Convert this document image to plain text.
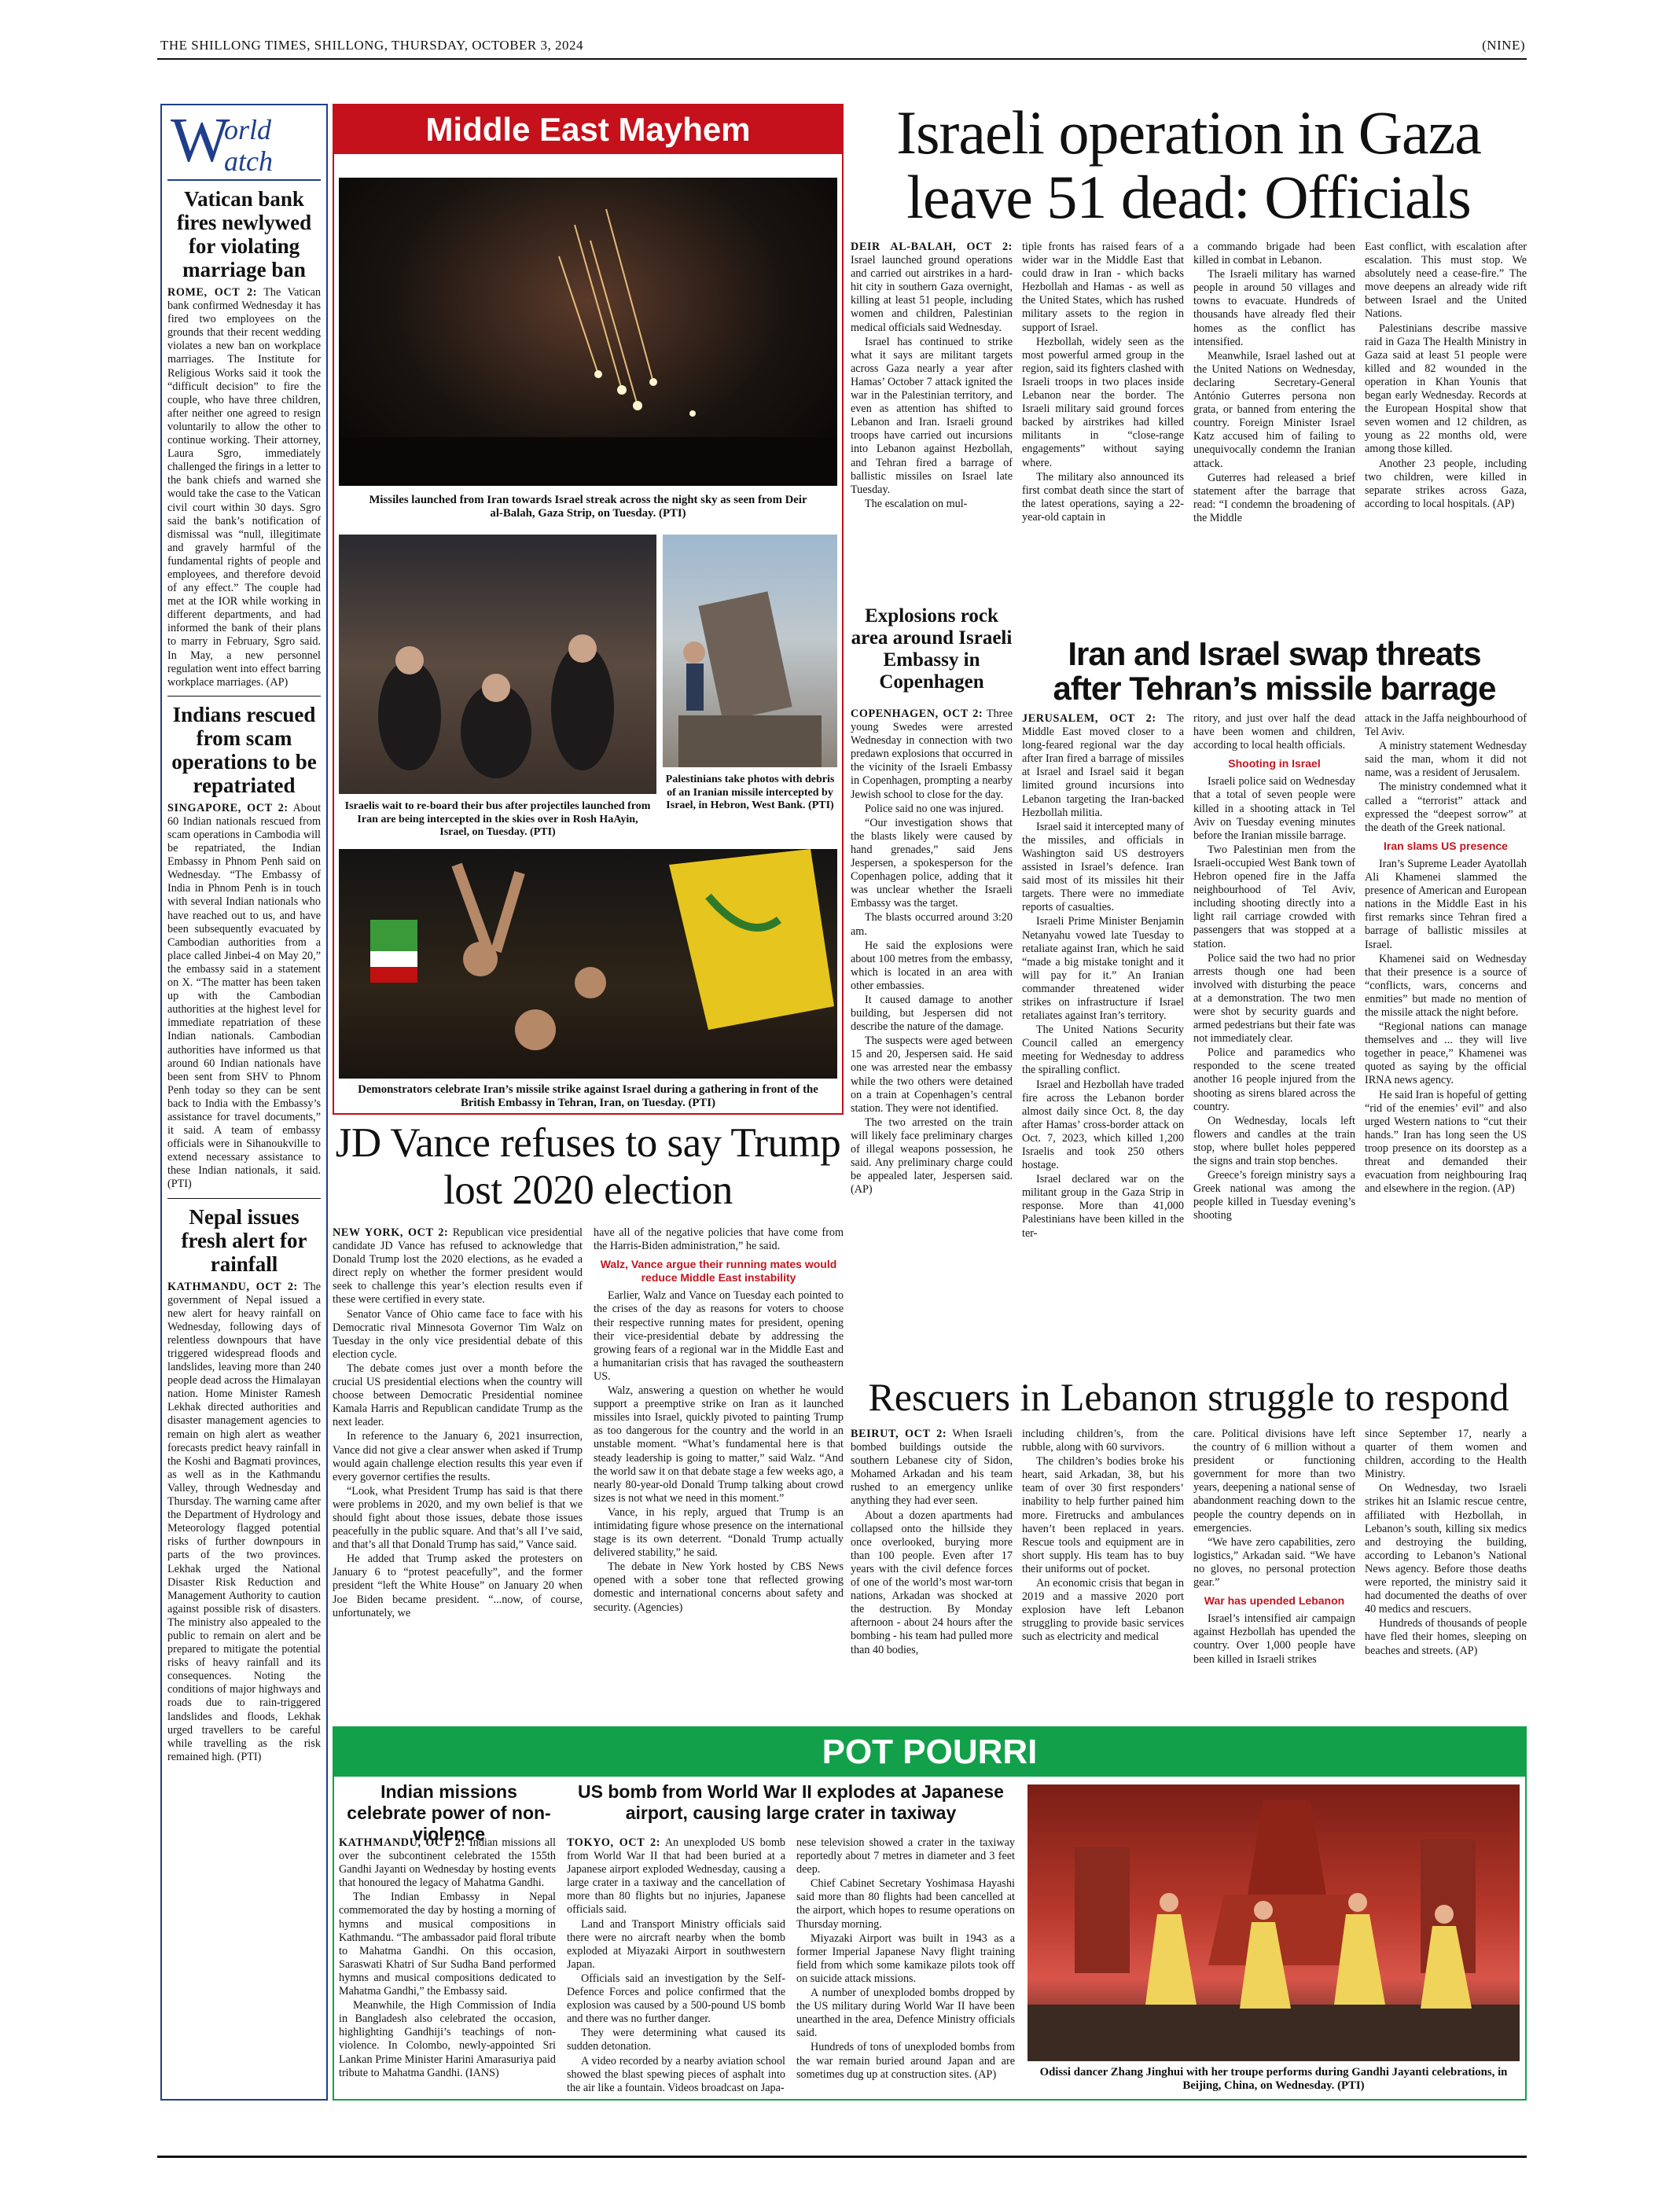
THE SHILLONG TIMES, SHILLONG, THURSDAY, OCTOBER 3, 2024	(NINE)
W
orld
atch
Vatican bank fires newlywed for violating marriage ban

ROME, OCT 2: The Vatican bank confirmed Wednesday it has fired two employees on the grounds that their recent wedding violates a new ban on workplace marriages. The Institute for Religious Works said it took the “difficult decision” to fire the couple, who have three children, after neither one agreed to resign voluntarily to allow the other to continue working. Their attorney, Laura Sgro, immediately challenged the firings in a letter to the bank chiefs and warned she would take the case to the Vatican civil court within 30 days. Sgro said the bank’s notification of dismissal was “null, illegitimate and gravely harmful of the fundamental rights of people and employees, and therefore devoid of any effect.” The couple had met at the IOR while working in different departments, and had informed the bank of their plans to marry in February, Sgro said. In May, a new personnel regulation went into effect barring workplace marriages. (AP)

Indians rescued from scam operations to be repatriated

SINGAPORE, OCT 2: About 60 Indian nationals rescued from scam operations in Cambodia will be repatriated, the Indian Embassy in Phnom Penh said on Wednesday. “The Embassy of India in Phnom Penh is in touch with several Indian nationals who have reached out to us, and have been subsequently evacuated by Cambodian authorities from a place called Jinbei-4 on May 20,” the embassy said in a statement on X. “The matter has been taken up with the Cambodian authorities at the highest level for immediate repatriation of these Indian nationals. Cambodian authorities have informed us that around 60 Indian nationals have been sent from SHV to Phnom Penh today so they can be sent back to India with the Embassy’s assistance for travel documents,” it said. A team of embassy officials were in Sihanoukville to extend necessary assistance to these Indian nationals, it said. (PTI)

Nepal issues fresh alert for rainfall

KATHMANDU, OCT 2: The government of Nepal issued a new alert for heavy rainfall on Wednesday, following days of relentless downpours that have triggered widespread floods and landslides, leaving more than 240 people dead across the Himalayan nation. Home Minister Ramesh Lekhak directed authorities and disaster management agencies to remain on high alert as weather forecasts predict heavy rainfall in the Koshi and Bagmati provinces, as well as in the Kathmandu Valley, through Wednesday and Thursday. The warning came after the Department of Hydrology and Meteorology flagged potential risks of further downpours in parts of the two provinces. Lekhak urged the National Disaster Risk Reduction and Management Authority to caution against possible risk of disasters. The ministry also appealed to the public to remain on alert and be prepared to mitigate the potential risks of heavy rainfall and its consequences. Noting the conditions of major highways and roads due to rain-triggered landslides and floods, Lekhak urged travellers to be careful while travelling as the risk remained high. (PTI)

Middle East Mayhem
Missiles launched from Iran towards Israel streak across the night sky as seen from Deir al-Balah, Gaza Strip, on Tuesday. (PTI)
Israelis wait to re-board their bus after projectiles launched from Iran are being intercepted in the skies over in Rosh HaAyin, Israel, on Tuesday. (PTI)
Palestinians take photos with debris of an Iranian missile intercepted by Israel, in Hebron, West Bank. (PTI)
Demonstrators celebrate Iran’s missile strike against Israel during a gathering in front of the British Embassy in Tehran, Iran, on Tuesday. (PTI)
Israeli operation in Gaza leave 51 dead: Officials

DEIR AL-BALAH, OCT 2: Israel launched ground operations and carried out airstrikes in a hard-hit city in southern Gaza overnight, killing at least 51 people, including women and children, Palestinian medical officials said Wednesday.

Israel has continued to strike what it says are militant targets across Gaza nearly a year after Hamas’ October 7 attack ignited the war in the Palestinian territory, and even as attention has shifted to Lebanon and Iran. Israeli ground troops have carried out incursions into Lebanon against Hezbollah, and Tehran fired a barrage of ballistic missiles on Israel late Tuesday.

The escalation on mul-

tiple fronts has raised fears of a wider war in the Middle East that could draw in Iran - which backs Hezbollah and Hamas - as well as the United States, which has rushed military assets to the region in support of Israel.

Hezbollah, widely seen as the most powerful armed group in the region, said its fighters clashed with Israeli troops in two places inside Lebanon near the border. The Israeli military said ground forces backed by airstrikes had killed militants in “close-range engagements” without saying where.

The military also announced its first combat death since the start of the latest operations, saying a 22-year-old captain in

a commando brigade had been killed in combat in Lebanon.

The Israeli military has warned people in around 50 villages and towns to evacuate. Hundreds of thousands have already fled their homes as the conflict has intensified.

Meanwhile, Israel lashed out at the United Nations on Wednesday, declaring Secretary-General António Guterres persona non grata, or banned from entering the country. Foreign Minister Israel Katz accused him of failing to unequivocally condemn the Iranian attack.

Guterres had released a brief statement after the barrage that read: “I condemn the broadening of the Middle

East conflict, with escalation after escalation. This must stop. We absolutely need a cease-fire.” The move deepens an already wide rift between Israel and the United Nations.

Palestinians describe massive raid in Gaza The Health Ministry in Gaza said at least 51 people were killed and 82 wounded in the operation in Khan Younis that began early Wednesday. Records at the European Hospital show that seven women and 12 children, as young as 22 months old, were among those killed.

Another 23 people, including two children, were killed in separate strikes across Gaza, according to local hospitals. (AP)

Explosions rock area around Israeli Embassy in Copenhagen

COPENHAGEN, OCT 2: Three young Swedes were arrested Wednesday in connection with two predawn explosions that occurred in the vicinity of the Israeli Embassy in Copenhagen, prompting a nearby Jewish school to close for the day.

Police said no one was injured.

“Our investigation shows that the blasts likely were caused by hand grenades,” said Jens Jespersen, a spokesperson for the Copenhagen police, adding that it was unclear whether the Israeli Embassy was the target.

The blasts occurred around 3:20 am.

He said the explosions were about 100 metres from the embassy, which is located in an area with other embassies.

It caused damage to another building, but Jespersen did not describe the nature of the damage.

The suspects were aged between 15 and 20, Jespersen said. He said one was arrested near the embassy while the two others were detained on a train at Copenhagen’s central station. They were not identified.

The two arrested on the train will likely face preliminary charges of illegal weapons possession, he said. Any preliminary charge could be appealed later, Jespersen said. (AP)

Iran and Israel swap threats
after Tehran’s missile barrage

JERUSALEM, OCT 2: The Middle East moved closer to a long-feared regional war the day after Iran fired a barrage of missiles at Israel and Israel said it began limited ground incursions into Lebanon targeting the Iran-backed Hezbollah militia.

Israel said it intercepted many of the missiles, and officials in Washington said US destroyers assisted in Israel’s defence. Iran said most of its missiles hit their targets. There were no immediate reports of casualties.

Israeli Prime Minister Benjamin Netanyahu vowed late Tuesday to retaliate against Iran, which he said “made a big mistake tonight and it will pay for it.” An Iranian commander threatened wider strikes on infrastructure if Israel retaliates against Iran’s territory.

The United Nations Security Council called an emergency meeting for Wednesday to address the spiralling conflict.

Israel and Hezbollah have traded fire across the Lebanon border almost daily since Oct. 8, the day after Hamas’ cross-border attack on Oct. 7, 2023, which killed 1,200 Israelis and took 250 others hostage.

Israel declared war on the militant group in the Gaza Strip in response. More than 41,000 Palestinians have been killed in the ter-

ritory, and just over half the dead have been women and children, according to local health officials.

Shooting in Israel

Israeli police said on Wednesday that a total of seven people were killed in a shooting attack in Tel Aviv on Tuesday evening minutes before the Iranian missile barrage.

Two Palestinian men from the Israeli-occupied West Bank town of Hebron opened fire in the Jaffa neighbourhood of Tel Aviv, including shooting directly into a light rail carriage crowded with passengers that was stopped at a station.

Police said the two had no prior arrests though one had been involved with disturbing the peace at a demonstration. The two men were shot by security guards and armed pedestrians but their fate was not immediately clear.

Police and paramedics who responded to the scene treated another 16 people injured from the shooting as sirens blared across the country.

On Wednesday, locals left flowers and candles at the train stop, where bullet holes peppered the signs and train stop benches.

Greece’s foreign ministry says a Greek national was among the people killed in Tuesday evening’s shooting

attack in the Jaffa neighbourhood of Tel Aviv.

A ministry statement Wednesday said the man, whom it did not name, was a resident of Jerusalem.

The ministry condemned what it called a “terrorist” attack and expressed the “deepest sorrow” at the death of the Greek national.

Iran slams US presence

Iran’s Supreme Leader Ayatollah Ali Khamenei slammed the presence of American and European nations in the Middle East in his first remarks since Tehran fired a barrage of ballistic missiles at Israel.

Khamenei said on Wednesday that their presence is a source of “conflicts, wars, concerns and enmities” but made no mention of the missile attack the night before.

“Regional nations can manage themselves and ... they will live together in peace,” Khamenei was quoted as saying by the official IRNA news agency.

He said Iran is hopeful of getting “rid of the enemies’ evil” and also urged Western nations to “cut their hands.” Iran has long seen the US troop presence on its doorstep as a threat and demanded their evacuation from neighbouring Iraq and elsewhere in the region. (AP)

JD Vance refuses to say Trump lost 2020 election

NEW YORK, OCT 2: Republican vice presidential candidate JD Vance has refused to acknowledge that Donald Trump lost the 2020 elections, as he evaded a direct reply on whether the former president would seek to challenge this year’s election results even if these were certified in every state.

Senator Vance of Ohio came face to face with his Democratic rival Minnesota Governor Tim Walz on Tuesday in the only vice presidential debate of this election cycle.

The debate comes just over a month before the crucial US presidential elections when the country will choose between Democratic Presidential nominee Kamala Harris and Republican candidate Trump as the next leader.

In reference to the January 6, 2021 insurrection, Vance did not give a clear answer when asked if Trump would again challenge election results this year even if every governor certifies the results.

“Look, what President Trump has said is that there were problems in 2020, and my own belief is that we should fight about those issues, debate those issues peacefully in the public square. And that’s all I’ve said, and that’s all that Donald Trump has said,” Vance said.

He added that Trump asked the protesters on January 6 to “protest peacefully”, and the former president “left the White House” on January 20 when Joe Biden became president. “...now, of course, unfortunately, we

have all of the negative policies that have come from the Harris-Biden administration,” he said.

Walz, Vance argue their running mates would reduce Middle East instability

Earlier, Walz and Vance on Tuesday each pointed to the crises of the day as reasons for voters to choose their respective running mates for president, opening their vice-presidential debate by addressing the growing fears of a regional war in the Middle East and a humanitarian crisis that has ravaged the southeastern US.

Walz, answering a question on whether he would support a preemptive strike on Iran as it launched missiles into Israel, quickly pivoted to painting Trump as too dangerous for the country and the world in an unstable moment. “What’s fundamental here is that steady leadership is going to matter,” said Walz. “And the world saw it on that debate stage a few weeks ago, a nearly 80-year-old Donald Trump talking about crowd sizes is not what we need in this moment.”

Vance, in his reply, argued that Trump is an intimidating figure whose presence on the international stage is its own deterrent. “Donald Trump actually delivered stability,” he said.

The debate in New York hosted by CBS News opened with a sober tone that reflected growing domestic and international concerns about safety and security. (Agencies)

Rescuers in Lebanon struggle to respond

BEIRUT, OCT 2: When Israeli bombed buildings outside the southern Lebanese city of Sidon, Mohamed Arkadan and his team rushed to an emergency unlike anything they had ever seen.

About a dozen apartments had collapsed onto the hillside they once overlooked, burying more than 100 people. Even after 17 years with the civil defence forces of one of the world’s most war-torn nations, Arkadan was shocked at the destruction. By Monday afternoon - about 24 hours after the bombing - his team had pulled more than 40 bodies,

including children’s, from the rubble, along with 60 survivors.

The children’s bodies broke his heart, said Arkadan, 38, but his team of over 30 first responders’ inability to help further pained him more. Firetrucks and ambulances haven’t been replaced in years. Rescue tools and equipment are in short supply. His team has to buy their uniforms out of pocket.

An economic crisis that began in 2019 and a massive 2020 port explosion have left Lebanon struggling to provide basic services such as electricity and medical

care. Political divisions have left the country of 6 million without a president or functioning government for more than two years, deepening a national sense of abandonment reaching down to the people the country depends on in emergencies.

“We have zero capabilities, zero logistics,” Arkadan said. “We have no gloves, no personal protection gear.”

War has upended Lebanon

Israel’s intensified air campaign against Hezbollah has upended the country. Over 1,000 people have been killed in Israeli strikes

since September 17, nearly a quarter of them women and children, according to the Health Ministry.

On Wednesday, two Israeli strikes hit an Islamic rescue centre, affiliated with Hezbollah, in Lebanon’s south, killing six medics and destroying the building, according to Lebanon’s National News agency. Before those deaths were reported, the ministry said it had documented the deaths of over 40 medics and rescuers.

Hundreds of thousands of people have fled their homes, sleeping on beaches and streets. (AP)

POT POURRI
Indian missions celebrate power of non-violence

KATHMANDU, OCT 2: Indian missions all over the subcontinent celebrated the 155th Gandhi Jayanti on Wednesday by hosting events that honoured the legacy of Mahatma Gandhi.

The Indian Embassy in Nepal commemorated the day by hosting a morning of hymns and musical compositions in Kathmandu. “The ambassador paid floral tribute to Mahatma Gandhi. On this occasion, Saraswati Khatri of Sur Sudha Band performed hymns and musical compositions dedicated to Mahatma Gandhi,” the Embassy said.

Meanwhile, the High Commission of India in Bangladesh also celebrated the occasion, highlighting Gandhiji’s teachings of non-violence. In Colombo, newly-appointed Sri Lankan Prime Minister Harini Amarasuriya paid tribute to Mahatma Gandhi. (IANS)

US bomb from World War II explodes at Japanese airport, causing large crater in taxiway

TOKYO, OCT 2: An unexploded US bomb from World War II that had been buried at a Japanese airport exploded Wednesday, causing a large crater in a taxiway and the cancellation of more than 80 flights but no injuries, Japanese officials said.

Land and Transport Ministry officials said there were no aircraft nearby when the bomb exploded at Miyazaki Airport in southwestern Japan.

Officials said an investigation by the Self-Defence Forces and police confirmed that the explosion was caused by a 500-pound US bomb and there was no further danger.

They were determining what caused its sudden detonation.

A video recorded by a nearby aviation school showed the blast spewing pieces of asphalt into the air like a fountain. Videos broadcast on Japa-

nese television showed a crater in the taxiway reportedly about 7 metres in diameter and 3 feet deep.

Chief Cabinet Secretary Yoshimasa Hayashi said more than 80 flights had been cancelled at the airport, which hopes to resume operations on Thursday morning.

Miyazaki Airport was built in 1943 as a former Imperial Japanese Navy flight training field from which some kamikaze pilots took off on suicide attack missions.

A number of unexploded bombs dropped by the US military during World War II have been unearthed in the area, Defence Ministry officials said.

Hundreds of tons of unexploded bombs from the war remain buried around Japan and are sometimes dug up at construction sites. (AP)	Odissi dancer Zhang Jinghui with her troupe performs during Gandhi Jayanti celebrations, in Beijing, China, on Wednesday. (PTI)
